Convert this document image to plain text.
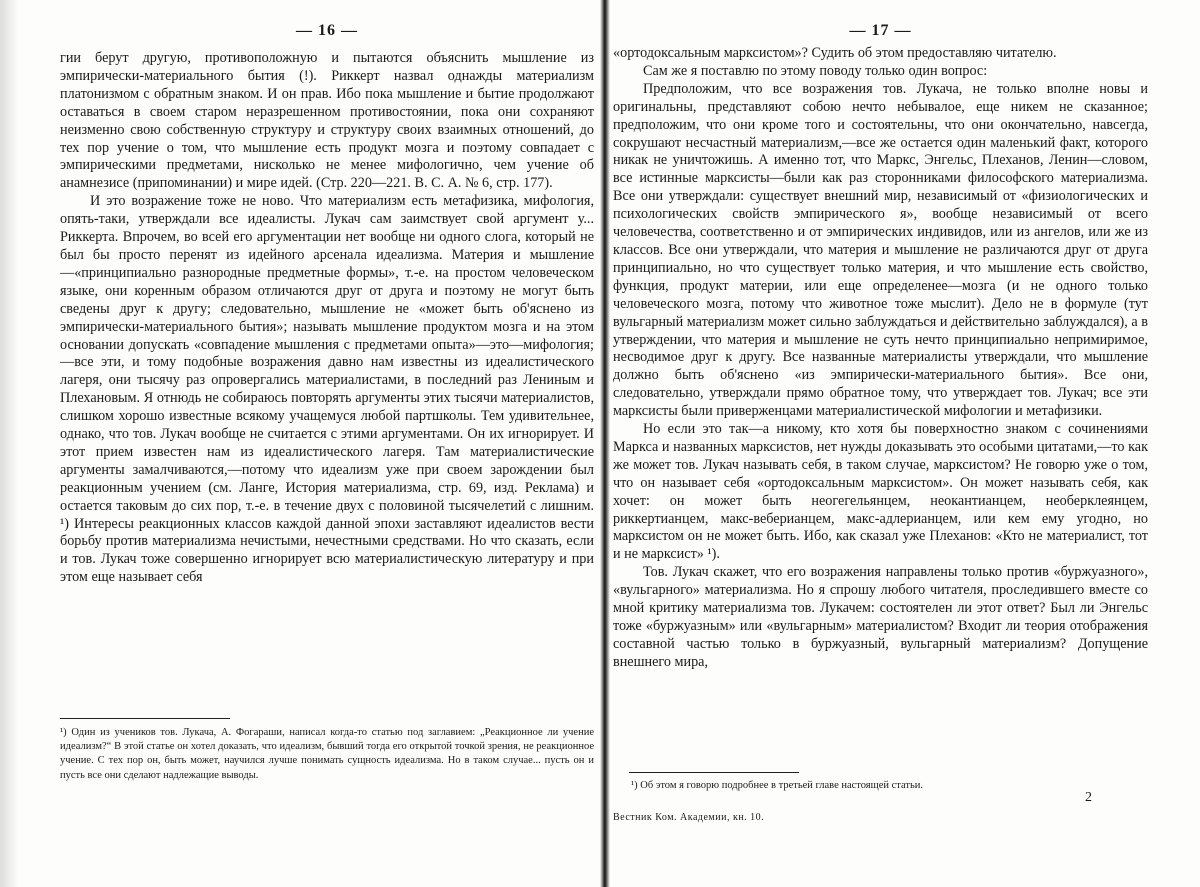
— 16 —

гии берут другую, противоположную и пытаются объяснить мышление из эмпирически-материального бытия (!). Риккерт назвал однажды материализм платонизмом с обратным знаком. И он прав. Ибо пока мышление и бытие продолжают оставаться в своем старом неразрешенном противостоянии, пока они сохраняют неизменно свою собственную структуру и структуру своих взаимных отношений, до тех пор учение о том, что мышление есть продукт мозга и поэтому совпадает с эмпирическими предметами, нисколько не менее мифологично, чем учение об анамнезисе (припоминании) и мире идей. (Стр. 220—221. В. С. А. № 6, стр. 177).

И это возражение тоже не ново. Что материализм есть метафизика, мифология, опять-таки, утверждали все идеалисты. Лукач сам заимствует свой аргумент у... Риккерта. Впрочем, во всей его аргументации нет вообще ни одного слога, который не был бы просто перенят из идейного арсенала идеализма. Материя и мышление—«принципиально разнородные предметные формы», т.-е. на простом человеческом языке, они коренным образом отличаются друг от друга и поэтому не могут быть сведены друг к другу; следовательно, мышление не «может быть об'яснено из эмпирически-материального бытия»; называть мышление продуктом мозга и на этом основании допускать «совпадение мышления с предметами опыта»—это—мифология;—все эти, и тому подобные возражения давно нам известны из идеалистического лагеря, они тысячу раз опровергались материалистами, в последний раз Лениным и Плехановым. Я отнюдь не собираюсь повторять аргументы этих тысячи материалистов, слишком хорошо известные всякому учащемуся любой партшколы. Тем удивительнее, однако, что тов. Лукач вообще не считается с этими аргументами. Он их игнорирует. И этот прием известен нам из идеалистического лагеря. Там материалистические аргументы замалчиваются,—потому что идеализм уже при своем зарождении был реакционным учением (см. Ланге, История материализма, стр. 69, изд. Реклама) и остается таковым до сих пор, т.-е. в течение двух с половиной тысячелетий с лишним. ¹) Интересы реакционных классов каждой данной эпохи заставляют идеалистов вести борьбу против материализма нечистыми, нечестными средствами. Но что сказать, если и тов. Лукач тоже совершенно игнорирует всю материалистическую литературу и при этом еще называет себя

¹) Один из учеников тов. Лукача, А. Фогараши, написал когда-то статью под заглавием: „Реакционное ли учение идеализм?“ В этой статье он хотел доказать, что идеализм, бывший тогда его открытой точкой зрения, не реакционное учение. С тех пор он, быть может, научился лучше понимать сущность идеализма. Но в таком случае... пусть он и пусть все они сделают надлежащие выводы.
— 17 —

«ортодоксальным марксистом»? Судить об этом предоставляю читателю.

Сам же я поставлю по этому поводу только один вопрос:

Предположим, что все возражения тов. Лукача, не только вполне новы и оригинальны, представляют собою нечто небывалое, еще никем не сказанное; предположим, что они кроме того и состоятельны, что они окончательно, навсегда, сокрушают несчастный материализм,—все же остается один маленький факт, которого никак не уничтожишь. А именно тот, что Маркс, Энгельс, Плеханов, Ленин—словом, все истинные марксисты—были как раз сторонниками философского материализма. Все они утверждали: существует внешний мир, независимый от «физиологических и психологических свойств эмпирического я», вообще независимый от всего человечества, соответственно и от эмпирических индивидов, или из ангелов, или же из классов. Все они утверждали, что материя и мышление не различаются друг от друга принципиально, но что существует только материя, и что мышление есть свойство, функция, продукт материи, или еще определенее—мозга (и не одного только человеческого мозга, потому что животное тоже мыслит). Дело не в формуле (тут вульгарный материализм может сильно заблуждаться и действительно заблуждался), а в утверждении, что материя и мышление не суть нечто принципиально непримиримое, несводимое друг к другу. Все названные материалисты утверждали, что мышление должно быть об'яснено «из эмпирически-материального бытия». Все они, следовательно, утверждали прямо обратное тому, что утверждает тов. Лукач; все эти марксисты были приверженцами материалистической мифологии и метафизики.

Но если это так—а никому, кто хотя бы поверхностно знаком с сочинениями Маркса и названных марксистов, нет нужды доказывать это особыми цитатами,—то как же может тов. Лукач называть себя, в таком случае, марксистом? Не говорю уже о том, что он называет себя «ортодоксальным марксистом». Он может называть себя, как хочет: он может быть неогегельянцем, неокантианцем, необерклеянцем, риккертианцем, макс-веберианцем, макс-адлерианцем, или кем ему угодно, но марксистом он не может быть. Ибо, как сказал уже Плеханов: «Кто не материалист, тот и не марксист» ¹).

Тов. Лукач скажет, что его возражения направлены только против «буржуазного», «вульгарного» материализма. Но я спрошу любого читателя, проследившего вместе со мной критику материализма тов. Лукачем: состоятелен ли этот ответ? Был ли Энгельс тоже «буржуазным» или «вульгарным» материалистом? Входит ли теория отображения составной частью только в буржуазный, вульгарный материализм? Допущение внешнего мира,

¹) Об этом я говорю подробнее в третьей главе настоящей статьи.
Вестник Ком. Академии, кн. 10.
2
